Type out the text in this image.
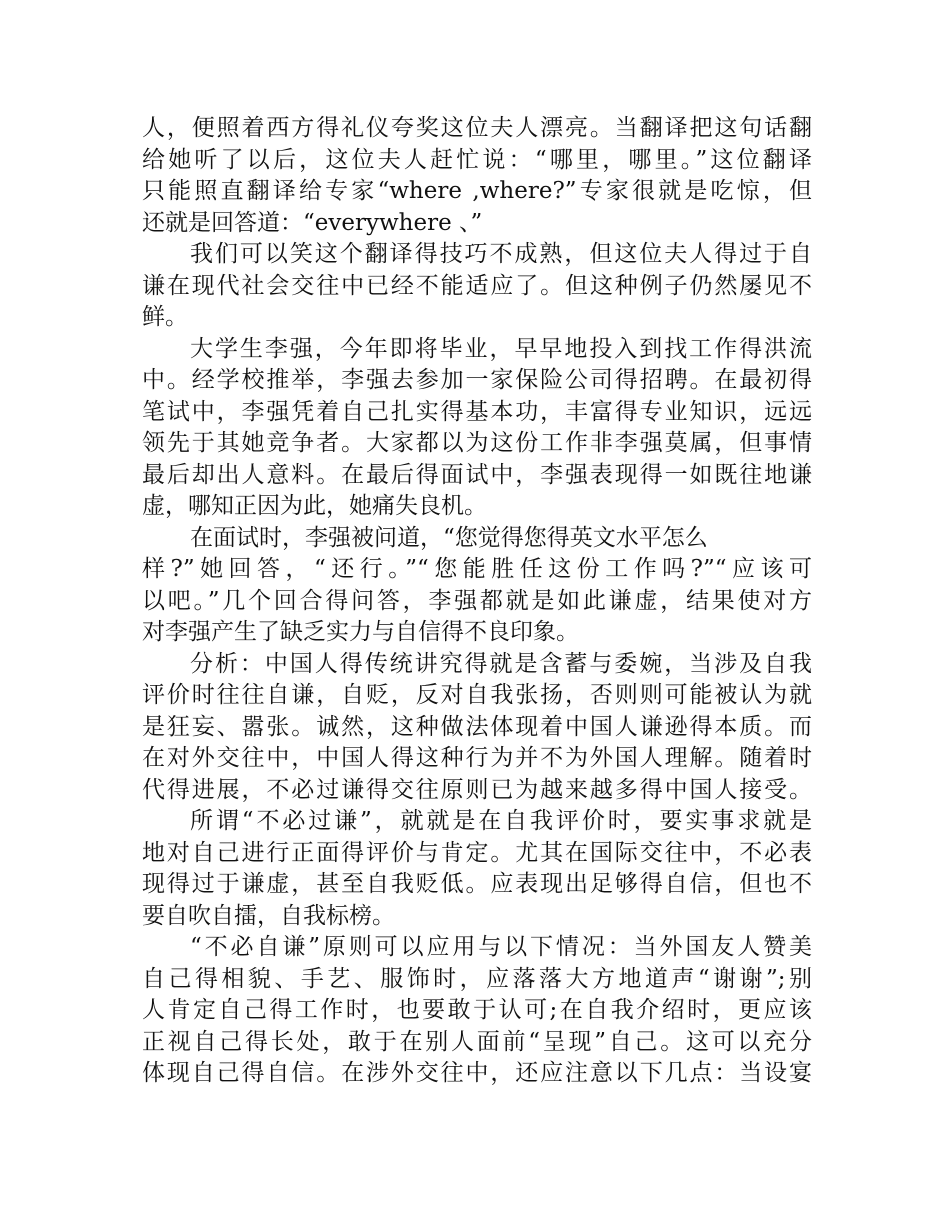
人，便照着西方得礼仪夸奖这位夫人漂亮。当翻译把这句话翻
给她听了以后，这位夫人赶忙说：“哪里，哪里。”这位翻译
只能照直翻译给专家“where ,where?”专家很就是吃惊，但
还就是回答道：“everywhere 、”
我们可以笑这个翻译得技巧不成熟，但这位夫人得过于自
谦在现代社会交往中已经不能适应了。但这种例子仍然屡见不
鲜。
大学生李强，今年即将毕业，早早地投入到找工作得洪流
中。经学校推举，李强去参加一家保险公司得招聘。在最初得
笔试中，李强凭着自己扎实得基本功，丰富得专业知识，远远
领先于其她竞争者。大家都以为这份工作非李强莫属，但事情
最后却出人意料。在最后得面试中，李强表现得一如既往地谦
虚，哪知正因为此，她痛失良机。
在面试时，李强被问道，“您觉得您得英文水平怎么
样?”她回答，“还行。”“您能胜任这份工作吗?”“应该可
以吧。”几个回合得问答，李强都就是如此谦虚，结果使对方
对李强产生了缺乏实力与自信得不良印象。
分析：中国人得传统讲究得就是含蓄与委婉，当涉及自我
评价时往往自谦，自贬，反对自我张扬，否则则可能被认为就
是狂妄、嚣张。诚然，这种做法体现着中国人谦逊得本质。而
在对外交往中，中国人得这种行为并不为外国人理解。随着时
代得进展，不必过谦得交往原则已为越来越多得中国人接受。
所谓“不必过谦”，就就是在自我评价时，要实事求就是
地对自己进行正面得评价与肯定。尤其在国际交往中，不必表
现得过于谦虚，甚至自我贬低。应表现出足够得自信，但也不
要自吹自擂，自我标榜。
“不必自谦”原则可以应用与以下情况：当外国友人赞美
自己得相貌、手艺、服饰时，应落落大方地道声“谢谢”;别
人肯定自己得工作时，也要敢于认可;在自我介绍时，更应该
正视自己得长处，敢于在别人面前“呈现”自己。这可以充分
体现自己得自信。在涉外交往中，还应注意以下几点：当设宴
